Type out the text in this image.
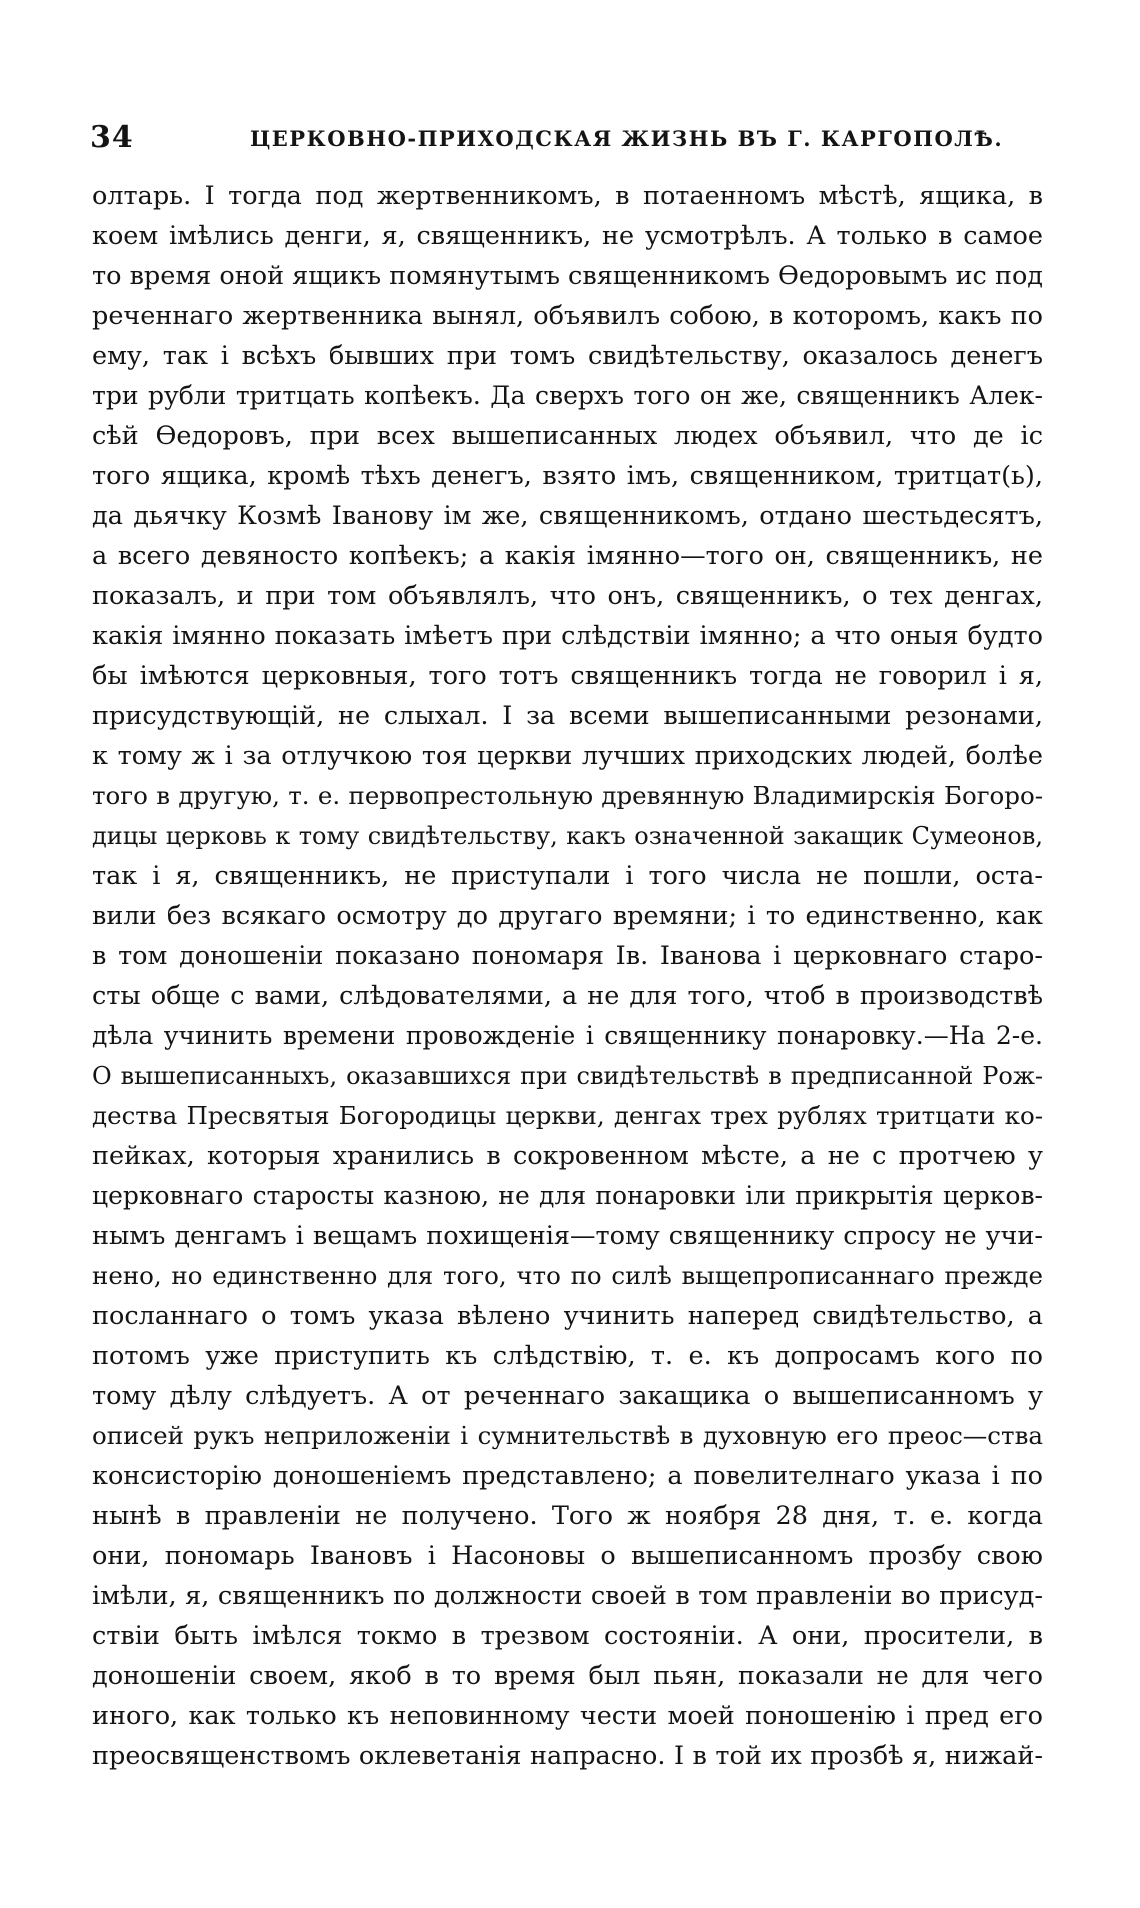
34	ЦЕРКОВНО-ПРИХОДСКАЯ ЖИЗНЬ ВЪ Г. КАРГОПОЛѢ.
олтарь. І тогда под жертвенникомъ, в потаенномъ мѣстѣ, ящика, в
коем імѣлись денги, я, священникъ, не усмотрѣлъ. А только в самое
то время оной ящикъ помянутымъ священникомъ Өедоровымъ ис под
реченнаго жертвенника вынял, объявилъ собою, в которомъ, какъ по
ему, так і всѣхъ бывших при томъ свидѣтельству, оказалось денегъ
три рубли тритцать копѣекъ. Да сверхъ того он же, священникъ Алек-
сѣй Өедоровъ, при всех вышеписанных людех объявил, что де іс
того ящика, кромѣ тѣхъ денегъ, взято імъ, священником, тритцат(ь),
да дьячку Козмѣ Іванову ім же, священникомъ, отдано шестьдесятъ,
а всего девяносто копѣекъ; а какія імянно—того он, священникъ, не
показалъ, и при том объявлялъ, что онъ, священникъ, о тех денгах,
какія імянно показать імѣетъ при слѣдствіи імянно; а что оныя будто
бы імѣются церковныя, того тотъ священникъ тогда не говорил і я,
присудствующій, не слыхал. І за всеми вышеписанными резонами,
к тому ж і за отлучкою тоя церкви лучших приходских людей, болѣе
того в другую, т. е. первопрестольную древянную Владимирскія Богоро-
дицы церковь к тому свидѣтельству, какъ означенной закащик Сумеонов,
так і я, священникъ, не приступали і того числа не пошли, оста-
вили без всякаго осмотру до другаго времяни; і то единственно, как
в том доношеніи показано пономаря Ів. Іванова і церковнаго старо-
сты обще с вами, слѣдователями, а не для того, чтоб в производствѣ
дѣла учинить времени провожденіе і священнику понаровку.—На 2-е.
О вышеписанныхъ, оказавшихся при свидѣтельствѣ в предписанной Рож-
дества Пресвятыя Богородицы церкви, денгах трех рублях тритцати ко-
пейках, которыя хранились в сокровенном мѣсте, а не с протчею у
церковнаго старосты казною, не для понаровки іли прикрытія церков-
нымъ денгамъ і вещамъ похищенія—тому священнику спросу не учи-
нено, но единственно для того, что по силѣ выщепрописаннаго прежде
посланнаго о томъ указа вѣлено учинить наперед свидѣтельство, а
потомъ уже приступить къ слѣдствію, т. е. къ допросамъ кого по
тому дѣлу слѣдуетъ. А от реченнаго закащика о вышеписанномъ у
описей рукъ неприложеніи і сумнительствѣ в духовную его преос—ства
консисторію доношеніемъ представлено; а повелителнаго указа і по
нынѣ в правленіи не получено. Того ж ноября 28 дня, т. е. когда
они, пономарь Івановъ і Насоновы о вышеписанномъ прозбу свою
імѣли, я, священникъ по должности своей в том правленіи во присуд-
ствіи быть імѣлся токмо в трезвом состояніи. А они, просители, в
доношеніи своем, якоб в то время был пьян, показали не для чего
иного, как только къ неповинному чести моей поношенію і пред его
преосвященствомъ оклеветанія напрасно. І в той их прозбѣ я, нижай-
